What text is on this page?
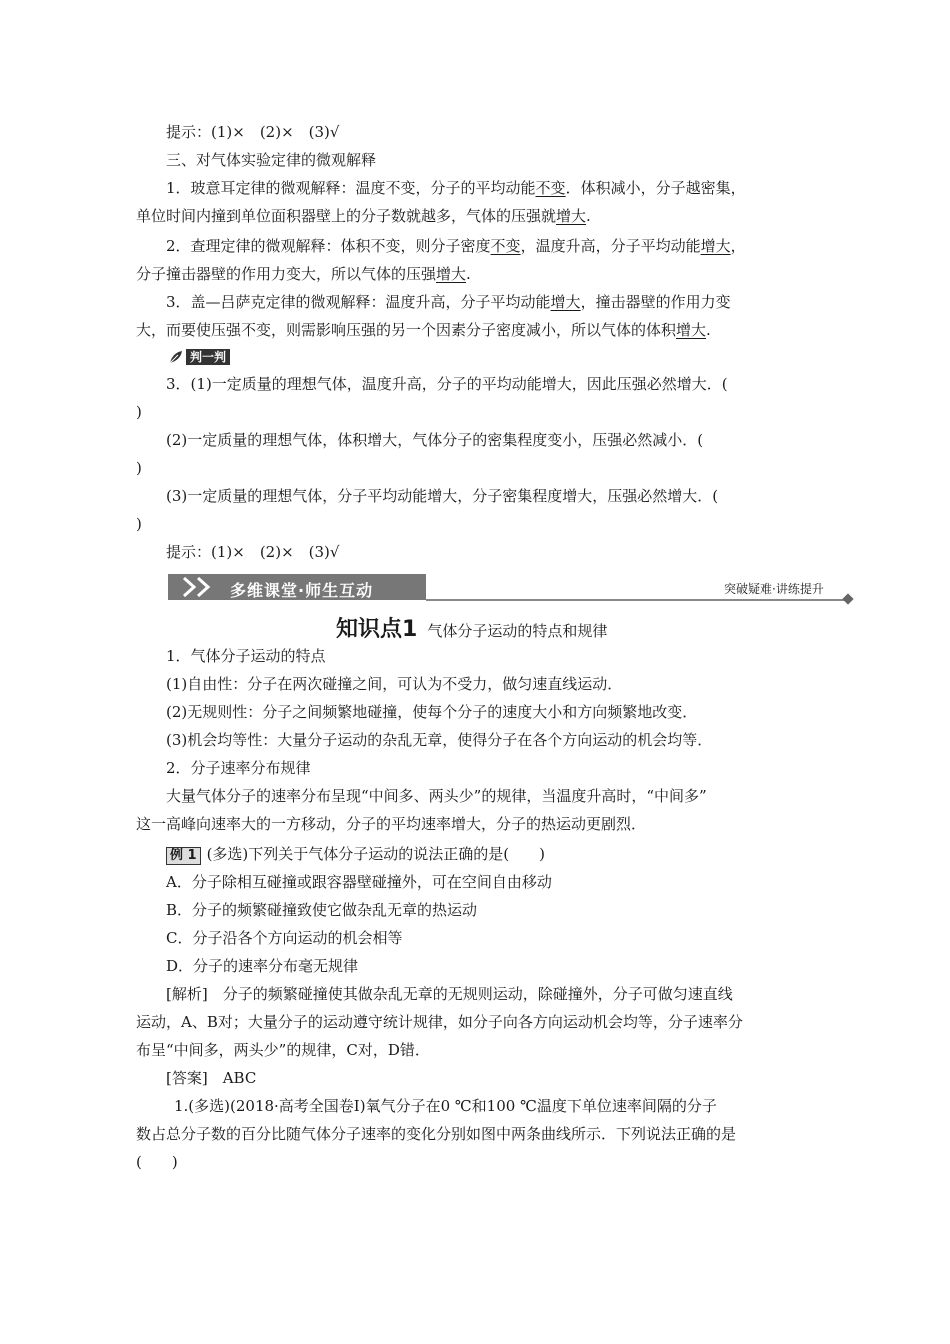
提示：(1)×　(2)×　(3)√
三、对气体实验定律的微观解释
1．玻意耳定律的微观解释：温度不变，分子的平均动能不变．体积减小，分子越密集，
单位时间内撞到单位面积器壁上的分子数就越多，气体的压强就增大.
2．查理定律的微观解释：体积不变，则分子密度不变，温度升高，分子平均动能增大，
分子撞击器壁的作用力变大，所以气体的压强增大.
3．盖—吕萨克定律的微观解释：温度升高，分子平均动能增大，撞击器壁的作用力变
大，而要使压强不变，则需影响压强的另一个因素分子密度减小，所以气体的体积增大.
判一判
3．(1)一定质量的理想气体，温度升高，分子的平均动能增大，因此压强必然增大．(
)
(2)一定质量的理想气体，体积增大，气体分子的密集程度变小，压强必然减小．(
)
(3)一定质量的理想气体，分子平均动能增大，分子密集程度增大，压强必然增大．(
)
提示：(1)×　(2)×　(3)√
多维课堂·师生互动	突破疑难·讲练提升
知识点1 气体分子运动的特点和规律
1．气体分子运动的特点
(1)自由性：分子在两次碰撞之间，可认为不受力，做匀速直线运动．
(2)无规则性：分子之间频繁地碰撞，使每个分子的速度大小和方向频繁地改变．
(3)机会均等性：大量分子运动的杂乱无章，使得分子在各个方向运动的机会均等．
2．分子速率分布规律
大量气体分子的速率分布呈现“中间多、两头少”的规律，当温度升高时，“中间多”
这一高峰向速率大的一方移动，分子的平均速率增大，分子的热运动更剧烈．
例 1 (多选)下列关于气体分子运动的说法正确的是(　　)
A．分子除相互碰撞或跟容器壁碰撞外，可在空间自由移动
B．分子的频繁碰撞致使它做杂乱无章的热运动
C．分子沿各个方向运动的机会相等
D．分子的速率分布毫无规律
[解析]　分子的频繁碰撞使其做杂乱无章的无规则运动，除碰撞外，分子可做匀速直线
运动，A、B对；大量分子的运动遵守统计规律，如分子向各方向运动机会均等，分子速率分
布呈“中间多，两头少”的规律，C对，D错．
[答案]　ABC
1.(多选)(2018·高考全国卷Ⅰ)氧气分子在0 ℃和100 ℃温度下单位速率间隔的分子
数占总分子数的百分比随气体分子速率的变化分别如图中两条曲线所示．下列说法正确的是
(　　)
